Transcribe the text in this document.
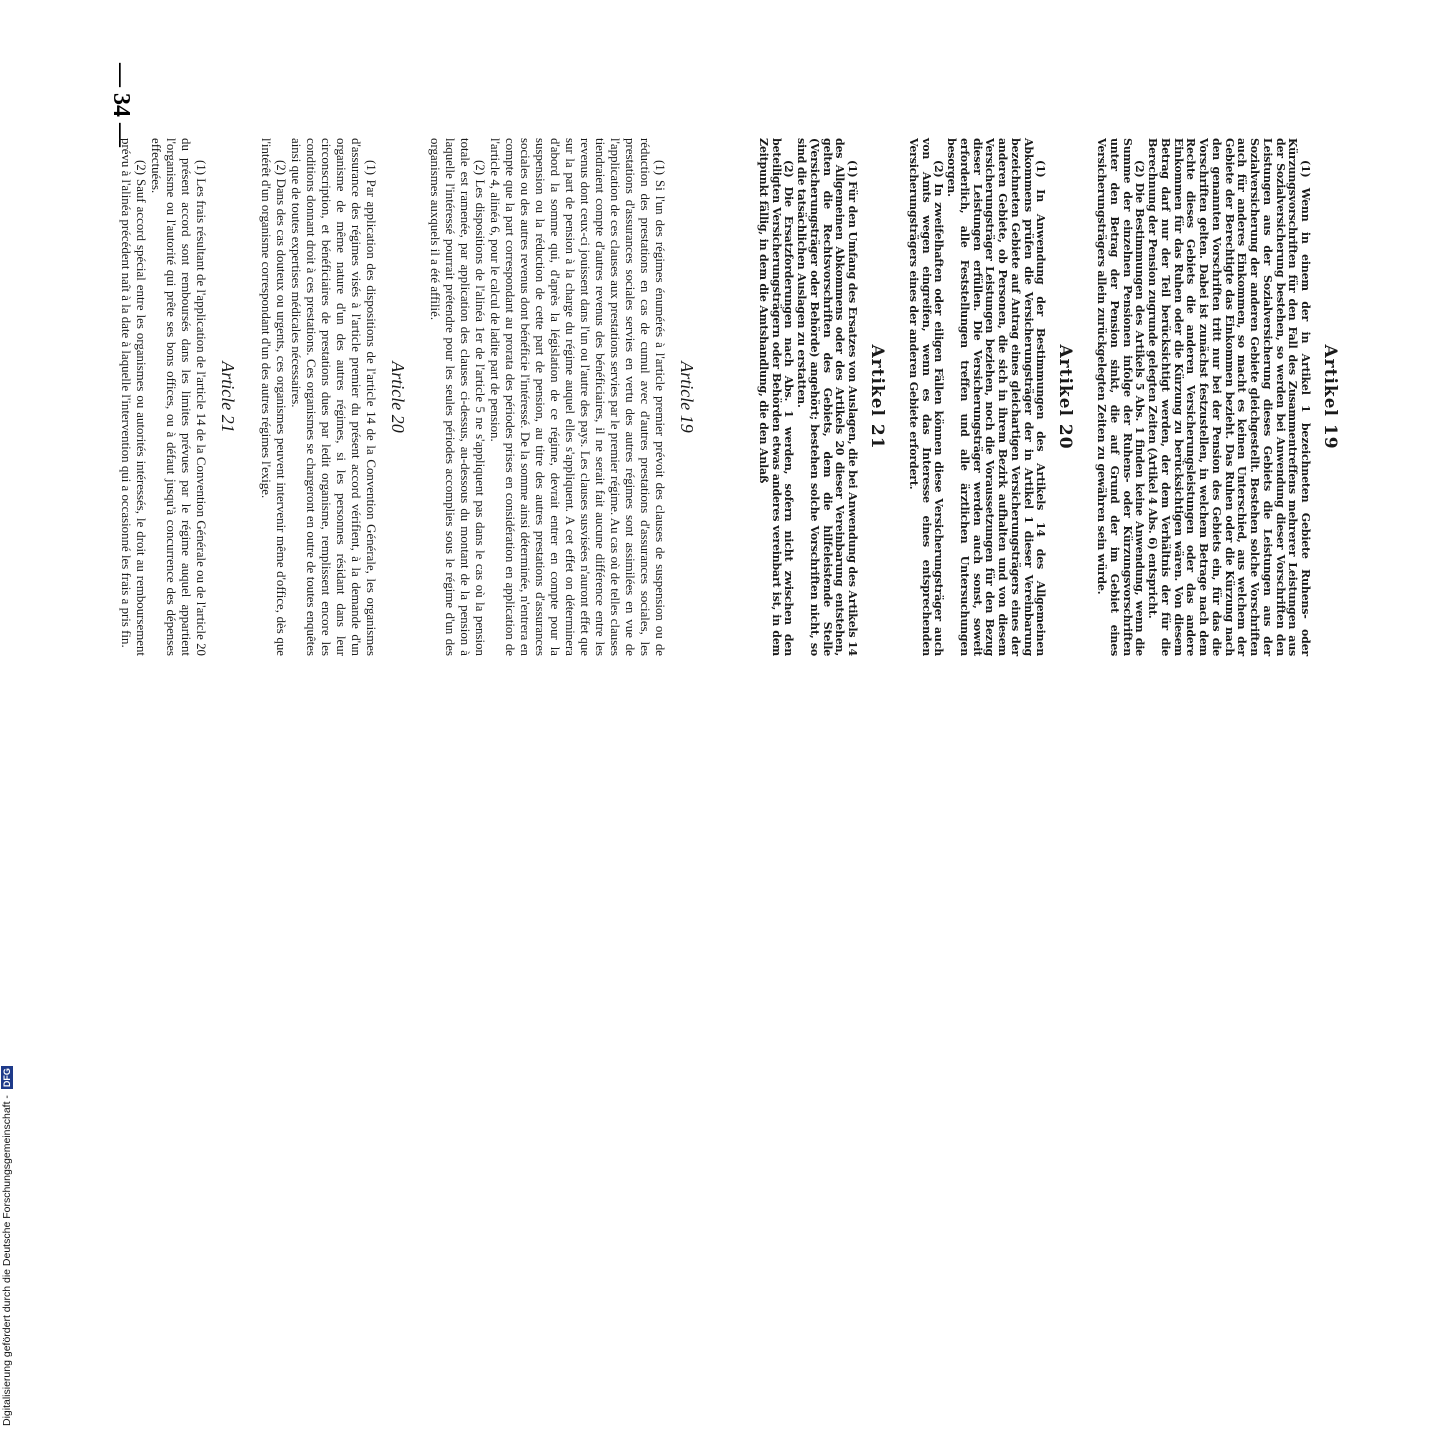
Artikel 19

(1) Wenn in einem der in Artikel 1 bezeichneten Gebiete Ruhens- oder Kürzungsvorschriften für den Fall des Zusammentreffens mehrerer Leistungen aus der Sozialversicherung bestehen, so werden bei Anwendung dieser Vorschriften den Leistungen aus der Sozialversicherung dieses Gebiets die Leistungen aus der Sozialversicherung der anderen Gebiete gleichgestellt. Bestehen solche Vorschriften auch für anderes Einkommen, so macht es keinen Unterschied, aus welchem der Gebiete der Berechtigte das Einkommen bezieht. Das Ruhen oder die Kürzung nach den genannten Vorschriften tritt nur bei der Pension des Gebiets ein, für das die Vorschriften gelten. Dabei ist zunächst festzustellen, in welchem Betrage nach dem Rechte dieses Gebiets die anderen Versicherungsleistungen oder das andere Einkommen für das Ruhen oder die Kürzung zu berücksichtigen wären. Von diesem Betrag darf nur der Teil berücksichtigt werden, der dem Verhältnis der für die Berechnung der Pension zugrunde gelegten Zeiten (Artikel 4 Abs. 6) entspricht.

(2) Die Bestimmungen des Artikels 5 Abs. 1 finden keine Anwendung, wenn die Summe der einzelnen Pensionen infolge der Ruhens- oder Kürzungsvorschriften unter den Betrag der Pension sinkt, die auf Grund der im Gebiet eines Versicherungsträgers allein zurückgelegten Zeiten zu gewähren sein würde.

Artikel 20

(1) In Anwendung der Bestimmungen des Artikels 14 des Allgemeinen Abkommens prüfen die Versicherungsträger der in Artikel 1 dieser Vereinbarung bezeichneten Gebiete auf Antrag eines gleichartigen Versicherungsträgers eines der anderen Gebiete, ob Personen, die sich in ihrem Bezirk aufhalten und von diesem Versicherungsträger Leistungen beziehen, noch die Voraussetzungen für den Bezug dieser Leistungen erfüllen. Die Versicherungsträger werden auch sonst, soweit erforderlich, alle Feststellungen treffen und alle ärztlichen Untersuchungen besorgen.

(2) In zweifelhaften oder eiligen Fällen können diese Versicherungsträger auch von Amts wegen eingreifen, wenn es das Interesse eines entsprechenden Versicherungsträgers eines der anderen Gebiete erfordert.

Artikel 21

(1) Für den Umfang des Ersatzes von Auslagen, die bei Anwendung des Artikels 14 des Allgemeinen Abkommens oder des Artikels 20 dieser Vereinbarung entstehen, gelten die Rechtsvorschriften des Gebiets, dem die hilfeleistende Stelle (Versicherungsträger oder Behörde) angehört; bestehen solche Vorschriften nicht, so sind die tatsächlichen Auslagen zu erstatten.

(2) Die Ersatzforderungen nach Abs. 1 werden, sofern nicht zwischen den beteiligten Versicherungsträgern oder Behörden etwas anderes vereinbart ist, in dem Zeitpunkt fällig, in dem die Amtshandlung, die den Anlaß

— 34 —
Article 19

(1) Si l'un des régimes énumérés à l'article premier prévoit des clauses de suspension ou de réduction des prestations en cas de cumul avec d'autres prestations d'assurances sociales, les prestations d'assurances sociales servies en vertu des autres régimes sont assimilées en vue de l'application de ces clauses aux prestations servies par le premier régime. Au cas où de telles clauses tiendraient compte d'autres revenus des bénéficiaires, il ne serait fait aucune différence entre les revenus dont ceux-ci jouissent dans l'un ou l'autre des pays. Les clauses susvisées n'auront effet que sur la part de pension à la charge du régime auquel elles s'appliquent. A cet effet on déterminera d'abord la somme qui, d'après la législation de ce régime, devrait entrer en compte pour la suspension ou la réduction de cette part de pension, au titre des autres prestations d'assurances sociales ou des autres revenus dont bénéficie l'intéressé. De la somme ainsi déterminée, n'entrera en compte que la part correspondant au prorata des périodes prises en considération en application de l'article 4, alinéa 6, pour le calcul de ladite part de pension.

(2) Les dispositions de l'alinéa 1er de l'article 5 ne s'appliquent pas dans le cas où la pension totale est ramenée, par application des clauses ci-dessus, au-dessous du montant de la pension à laquelle l'intéressé pourrait prétendre pour les seules périodes accomplies sous le régime d'un des organismes auxquels il a été affilié.

Article 20

(1) Par application des dispositions de l'article 14 de la Convention Générale, les organismes d'assurance des régimes visés à l'article premier du présent accord vérifient, à la demande d'un organisme de même nature d'un des autres régimes, si les personnes résidant dans leur circonscription, et bénéficiaires de prestations dues par ledit organisme, remplissent encore les conditions donnant droit à ces prestations. Ces organismes se chargeront en outre de toutes enquêtes ainsi que de toutes expertises médicales nécessaires.

(2) Dans des cas douteux ou urgents, ces organismes peuvent intervenir même d'office, dès que l'intérêt d'un organisme correspondant d'un des autres régimes l'exige.

Article 21

(1) Les frais résultant de l'application de l'article 14 de la Convention Générale ou de l'article 20 du présent accord sont remboursés dans les limites prévues par le régime auquel appartient l'organisme ou l'autorité qui prête ses bons offices, ou à défaut jusqu'à concurrence des dépenses effectuées.

(2) Sauf accord spécial entre les organismes ou autorités intéressés, le droit au remboursement prévu à l'alinéa précédent naît à la date à laquelle l'intervention qui a occasionné les frais a pris fin.

Digitalisierung gefördert durch die Deutsche Forschungsgemeinschaft -DFG
